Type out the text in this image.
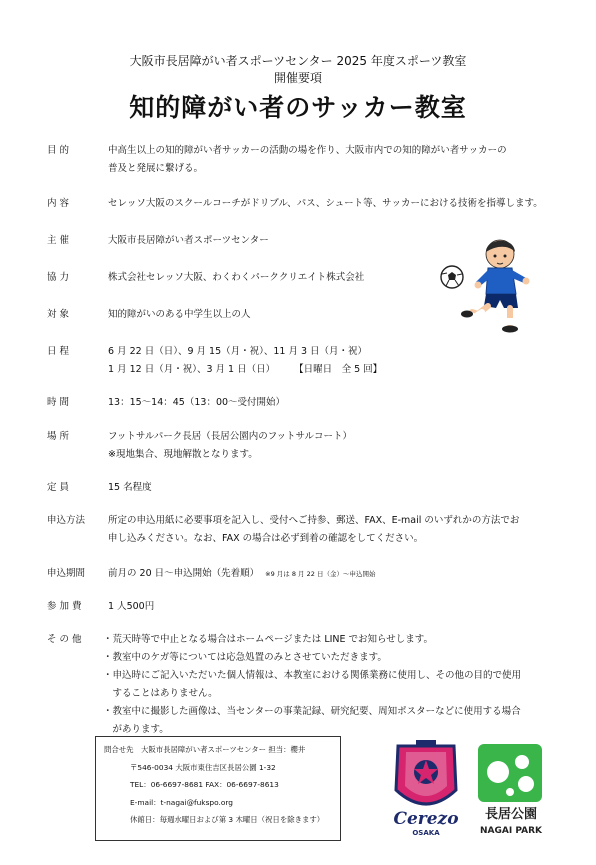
大阪市長居障がい者スポーツセンター 2025 年度スポーツ教室
開催要項
知的障がい者のサッカー教室
目 的	中高生以上の知的障がい者サッカーの活動の場を作り、大阪市内での知的障がい者サッカーの
普及と発展に繋げる。
内 容	セレッソ大阪のスクールコーチがドリブル、パス、シュート等、サッカーにおける技術を指導します。
主 催	大阪市長居障がい者スポーツセンター
協 力	株式会社セレッソ大阪、わくわくパーククリエイト株式会社
対 象	知的障がいのある中学生以上の人
日 程	6 月 22 日（日）、9 月 15（月・祝）、11 月 3 日（月・祝）
1 月 12 日（月・祝）、3 月 1 日（日）　　　【日曜日　全 5 回】
時 間	13：15～14：45（13：00～受付開始）
場 所	フットサルパーク長居（長居公園内のフットサルコート）
※現地集合、現地解散となります。
定 員	15 名程度
申込方法	所定の申込用紙に必要事項を記入し、受付へご持参、郵送、FAX、E-mail のいずれかの方法でお
申し込みください。なお、FAX の場合は必ず到着の確認をしてください。
申込期間	前月の 20 日～申込開始（先着順） ※9 月は 8 月 22 日（金）～申込開始
参 加 費	1 人500円
そ の 他	・荒天時等で中止となる場合はホームページまたは LINE でお知らせします。
・教室中のケガ等については応急処置のみとさせていただきます。
・申込時にご記入いただいた個人情報は、本教室における関係業務に使用し、その他の目的で使用
　することはありません。
・教室中に撮影した画像は、当センターの事業記録、研究紀要、周知ポスターなどに使用する場合
　があります。
問合せ先　大阪市長居障がい者スポーツセンター 担当：櫻井
〒546-0034 大阪市東住吉区長居公園 1-32
TEL：06-6697-8681 FAX：06-6697-8613
E-mail：t-nagai@fukspo.org
休館日：毎週水曜日および第 3 木曜日（祝日を除きます）	Cerezo
OSAKA
長居公園
NAGAI PARK
